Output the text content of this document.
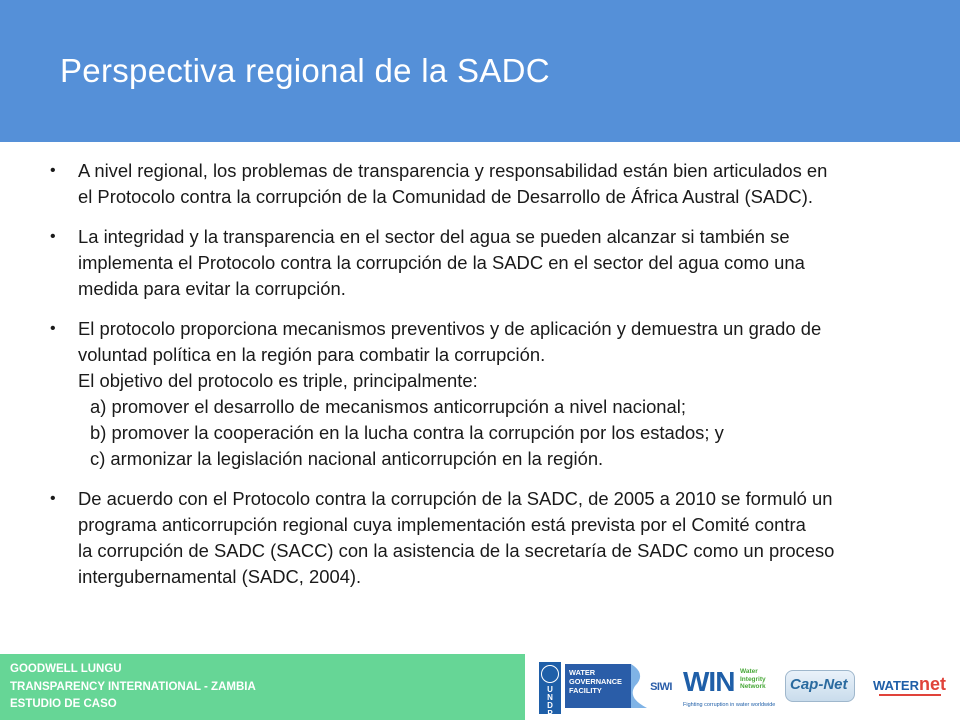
Perspectiva regional de la SADC
• A nivel regional, los problemas de transparencia y responsabilidad están bien articulados en
el Protocolo contra la corrupción de la Comunidad de Desarrollo de África Austral (SADC).
• La integridad y la transparencia en el sector del agua se pueden alcanzar si también se
implementa el Protocolo contra la corrupción de la SADC en el sector del agua como una
medida para evitar la corrupción.
• El protocolo proporciona mecanismos preventivos y de aplicación y demuestra un grado de
voluntad política en la región para combatir la corrupción.
El objetivo del protocolo es triple, principalmente:
a) promover el desarrollo de mecanismos anticorrupción a nivel nacional;
b) promover la cooperación en la lucha contra la corrupción por los estados; y
c) armonizar la legislación nacional anticorrupción en la región.
• De acuerdo con el Protocolo contra la corrupción de la SADC, de 2005 a 2010 se formuló un
programa anticorrupción regional cuya implementación está prevista por el Comité contra
la corrupción de SADC (SACC) con la asistencia de la secretaría de SADC como un proceso
intergubernamental (SADC, 2004).
GOODWELL LUNGU
TRANSPARENCY INTERNATIONAL - ZAMBIA
ESTUDIO DE CASO
U
N
D
P
WATER
GOVERNANCE
FACILITY	SIWI WIN Water
Integrity
Network
Fighting corruption in water worldwide
Cap-Net WATERnet
